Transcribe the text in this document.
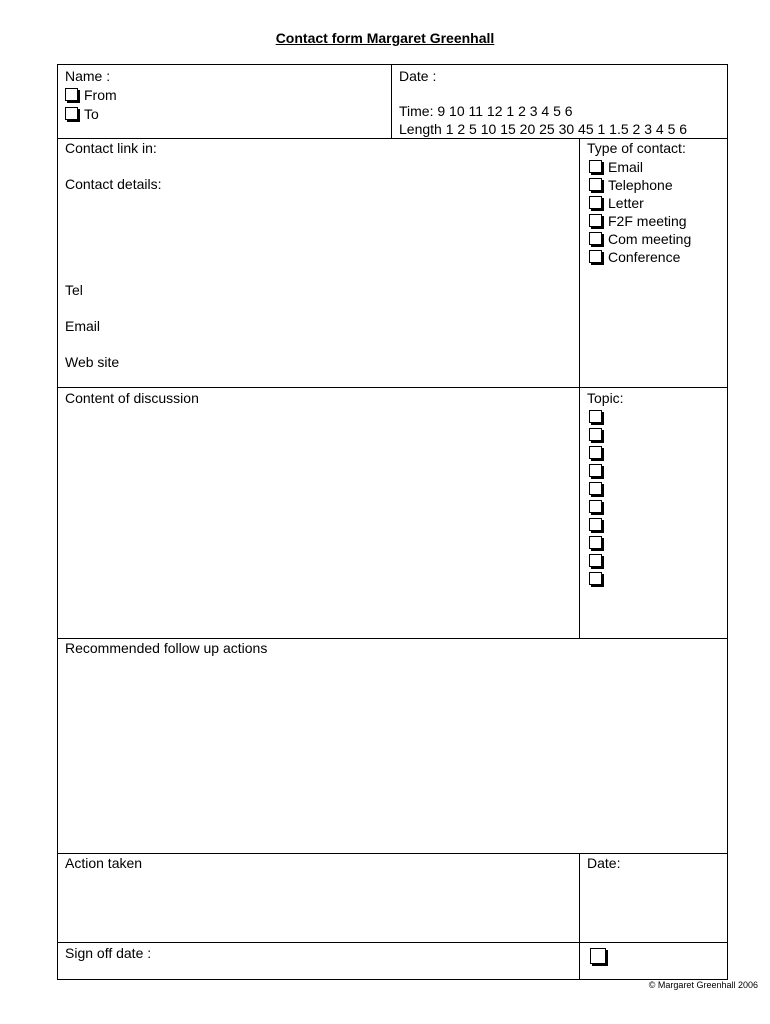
Contact form Margaret Greenhall
Name :
From
To
Date :
Time: 9 10 11 12 1 2 3 4 5 6
Length 1 2 5 10 15 20 25 30 45 1 1.5 2 3 4 5 6
Contact link in:
Contact details:
Tel
Email
Web site
Type of contact:
Email
Telephone
Letter
F2F meeting
Com meeting
Conference
Content of discussion	Topic:
Recommended follow up actions
Action taken	Date:
Sign off date :
© Margaret Greenhall 2006
